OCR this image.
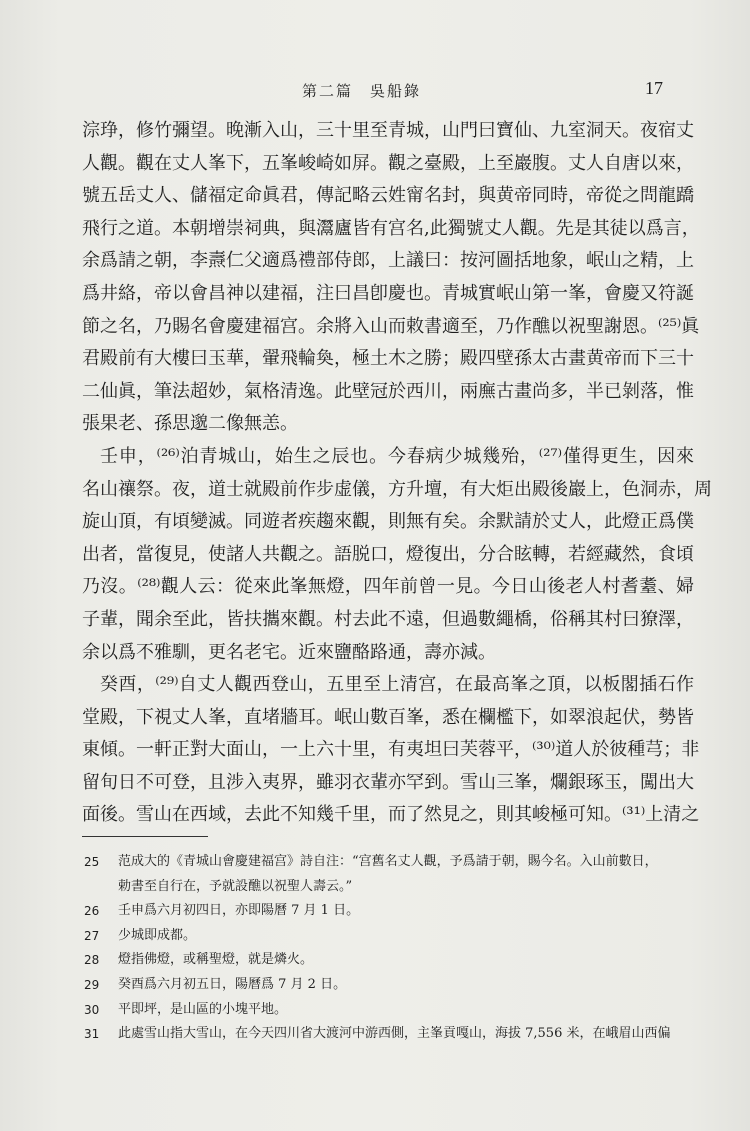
第二篇　吳船錄	17
淙琤，修竹彌望。晚漸入山，三十里至青城，山門曰寶仙、九室洞天。夜宿丈
人觀。觀在丈人峯下，五峯峻崎如屏。觀之臺殿，上至巖腹。丈人自唐以來，
號五岳丈人、儲福定命眞君，傳記略云姓甯名封，與黄帝同時，帝從之問龍蹻
飛行之道。本朝增崇祠典，與灊廬皆有宫名,此獨號丈人觀。先是其徒以爲言，
余爲請之朝，李燾仁父適爲禮部侍郎，上議曰：按河圖括地象，岷山之精，上
爲井絡，帝以會昌神以建福，注曰昌卽慶也。青城實岷山第一峯，會慶又符誕
節之名，乃賜名會慶建福宫。余將入山而敕書適至，乃作醮以祝聖謝恩。⁽²⁵⁾眞
君殿前有大樓曰玉華，翬飛輪奐，極土木之勝；殿四壁孫太古畫黄帝而下三十
二仙眞，筆法超妙，氣格清逸。此壁冠於西川，兩廡古畫尚多，半已剝落，惟
張果老、孫思邈二像無恙。
壬申，⁽²⁶⁾泊青城山，始生之辰也。今春病少城幾殆，⁽²⁷⁾僅得更生，因來
名山禳祭。夜，道士就殿前作步虚儀，方升壇，有大炬出殿後巖上，色洞赤，周
旋山頂，有頃變滅。同遊者疾趨來觀，則無有矣。余默請於丈人，此燈正爲僕
出者，當復見，使諸人共觀之。語脱口，燈復出，分合眩轉，若經藏然，食頃
乃沒。⁽²⁸⁾觀人云：從來此峯無燈，四年前曾一見。今日山後老人村耆耋、婦
子輩，聞余至此，皆扶攜來觀。村去此不遠，但過數繩橋，俗稱其村曰獠澤，
余以爲不雅馴，更名老宅。近來鹽酪路通，壽亦減。
癸酉，⁽²⁹⁾自丈人觀西登山，五里至上清宫，在最高峯之頂，以板閣插石作
堂殿，下視丈人峯，直堵牆耳。岷山數百峯，悉在欄檻下，如翠浪起伏，勢皆
東傾。一軒正對大面山，一上六十里，有夷坦曰芙蓉平，⁽³⁰⁾道人於彼種芎；非
留旬日不可登，且涉入夷界，雖羽衣輩亦罕到。雪山三峯，爛銀琢玉，闖出大
面後。雪山在西域，去此不知幾千里，而了然見之，則其峻極可知。⁽³¹⁾上清之
25	范成大的《青城山會慶建福宫》詩自注：“宫舊名丈人觀，予爲請于朝，賜今名。入山前數日，
勅書至自行在，予就設醮以祝聖人壽云。”
26	壬申爲六月初四日，亦即陽曆 7 月 1 日。
27	少城即成都。
28	燈指佛燈，或稱聖燈，就是燐火。
29	癸酉爲六月初五日，陽曆爲 7 月 2 日。
30	平即坪，是山區的小塊平地。
31	此處雪山指大雪山，在今天四川省大渡河中游西側，主峯貢嘎山，海拔 7,556 米，在峨眉山西偏
